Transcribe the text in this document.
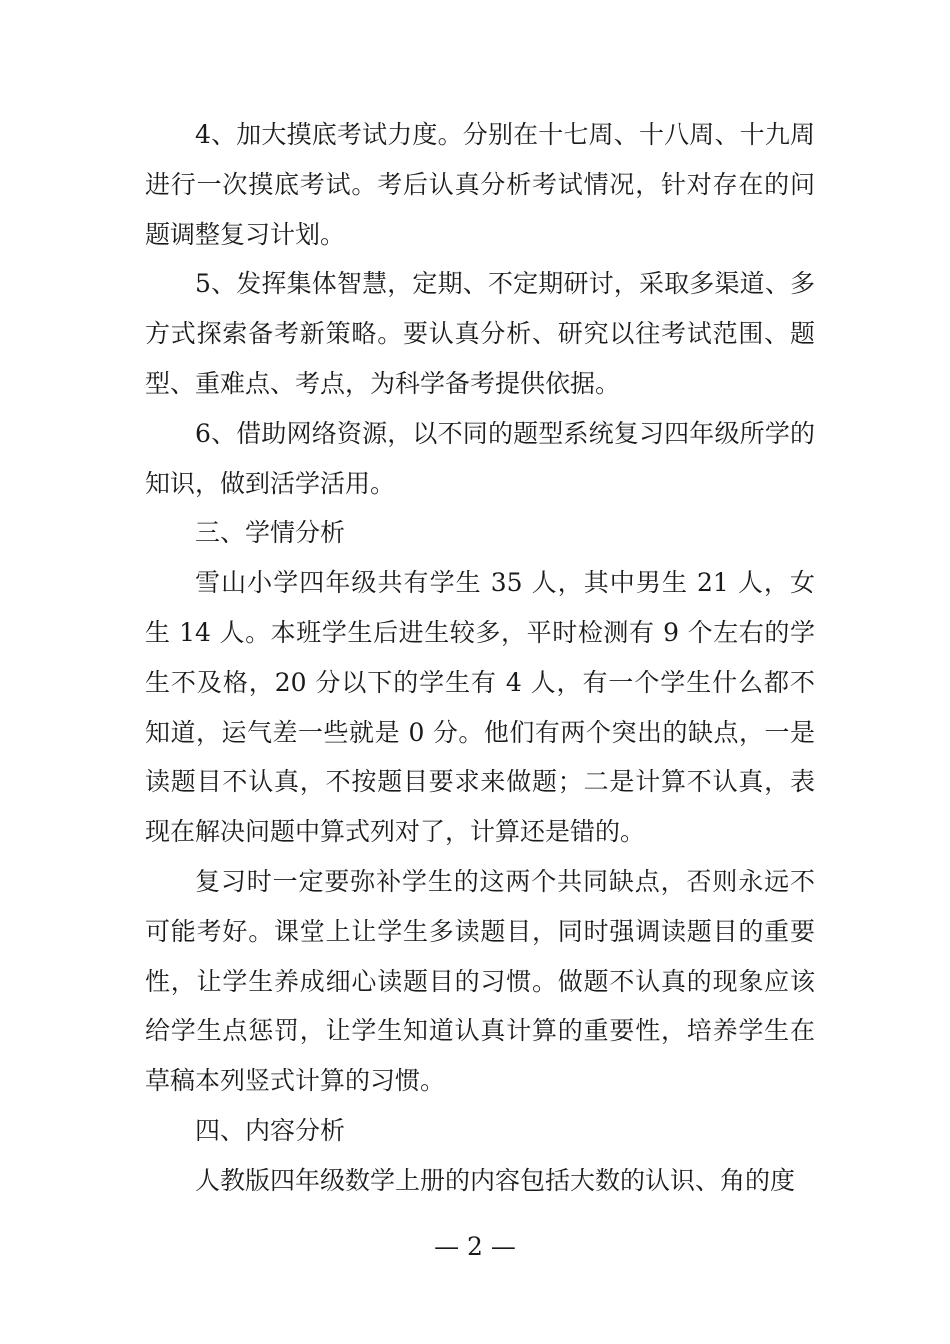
4、加大摸底考试力度。分别在十七周、十八周、十九周进行一次摸底考试。考后认真分析考试情况，针对存在的问题调整复习计划。

5、发挥集体智慧，定期、不定期研讨，采取多渠道、多方式探索备考新策略。要认真分析、研究以往考试范围、题型、重难点、考点，为科学备考提供依据。

6、借助网络资源，以不同的题型系统复习四年级所学的知识，做到活学活用。

三、学情分析

雪山小学四年级共有学生 35 人，其中男生 21 人，女生 14 人。本班学生后进生较多，平时检测有 9 个左右的学生不及格，20 分以下的学生有 4 人，有一个学生什么都不知道，运气差一些就是 0 分。他们有两个突出的缺点，一是读题目不认真，不按题目要求来做题；二是计算不认真，表现在解决问题中算式列对了，计算还是错的。

复习时一定要弥补学生的这两个共同缺点，否则永远不可能考好。课堂上让学生多读题目，同时强调读题目的重要性，让学生养成细心读题目的习惯。做题不认真的现象应该给学生点惩罚，让学生知道认真计算的重要性，培养学生在草稿本列竖式计算的习惯。

四、内容分析

人教版四年级数学上册的内容包括大数的认识、角的度

— 2 —
